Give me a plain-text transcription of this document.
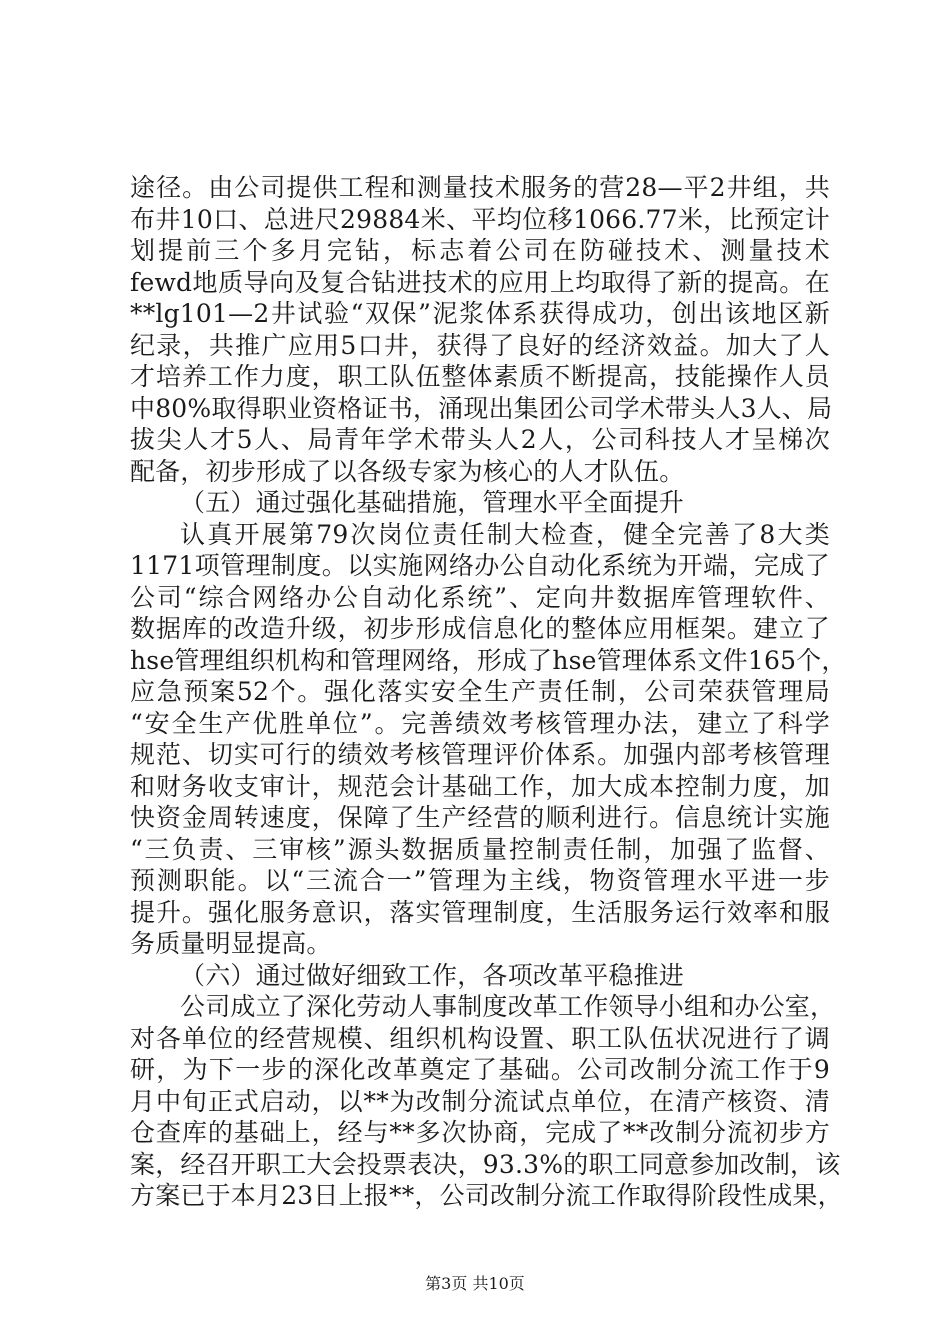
途径。由公司提供工程和测量技术服务的营28—平2井组，共
布井10口、总进尺29884米、平均位移1066.77米，比预定计
划提前三个多月完钻，标志着公司在防碰技术、测量技术
fewd地质导向及复合钻进技术的应用上均取得了新的提高。在
**lg101—2井试验“双保”泥浆体系获得成功，创出该地区新
纪录，共推广应用5口井，获得了良好的经济效益。加大了人
才培养工作力度，职工队伍整体素质不断提高，技能操作人员
中80%取得职业资格证书，涌现出集团公司学术带头人3人、局
拔尖人才5人、局青年学术带头人2人，公司科技人才呈梯次
配备，初步形成了以各级专家为核心的人才队伍。
（五）通过强化基础措施，管理水平全面提升
认真开展第79次岗位责任制大检查，健全完善了8大类
1171项管理制度。以实施网络办公自动化系统为开端，完成了
公司“综合网络办公自动化系统”、定向井数据库管理软件、
数据库的改造升级，初步形成信息化的整体应用框架。建立了
hse管理组织机构和管理网络，形成了hse管理体系文件165个，
应急预案52个。强化落实安全生产责任制，公司荣获管理局
“安全生产优胜单位”。完善绩效考核管理办法，建立了科学
规范、切实可行的绩效考核管理评价体系。加强内部考核管理
和财务收支审计，规范会计基础工作，加大成本控制力度，加
快资金周转速度，保障了生产经营的顺利进行。信息统计实施
“三负责、三审核”源头数据质量控制责任制，加强了监督、
预测职能。以“三流合一”管理为主线，物资管理水平进一步
提升。强化服务意识，落实管理制度，生活服务运行效率和服
务质量明显提高。
（六）通过做好细致工作，各项改革平稳推进
公司成立了深化劳动人事制度改革工作领导小组和办公室，
对各单位的经营规模、组织机构设置、职工队伍状况进行了调
研，为下一步的深化改革奠定了基础。公司改制分流工作于9
月中旬正式启动，以**为改制分流试点单位，在清产核资、清
仓查库的基础上，经与**多次协商，完成了**改制分流初步方
案，经召开职工大会投票表决，93.3%的职工同意参加改制，该
方案已于本月23日上报**，公司改制分流工作取得阶段性成果，
第3页 共10页
